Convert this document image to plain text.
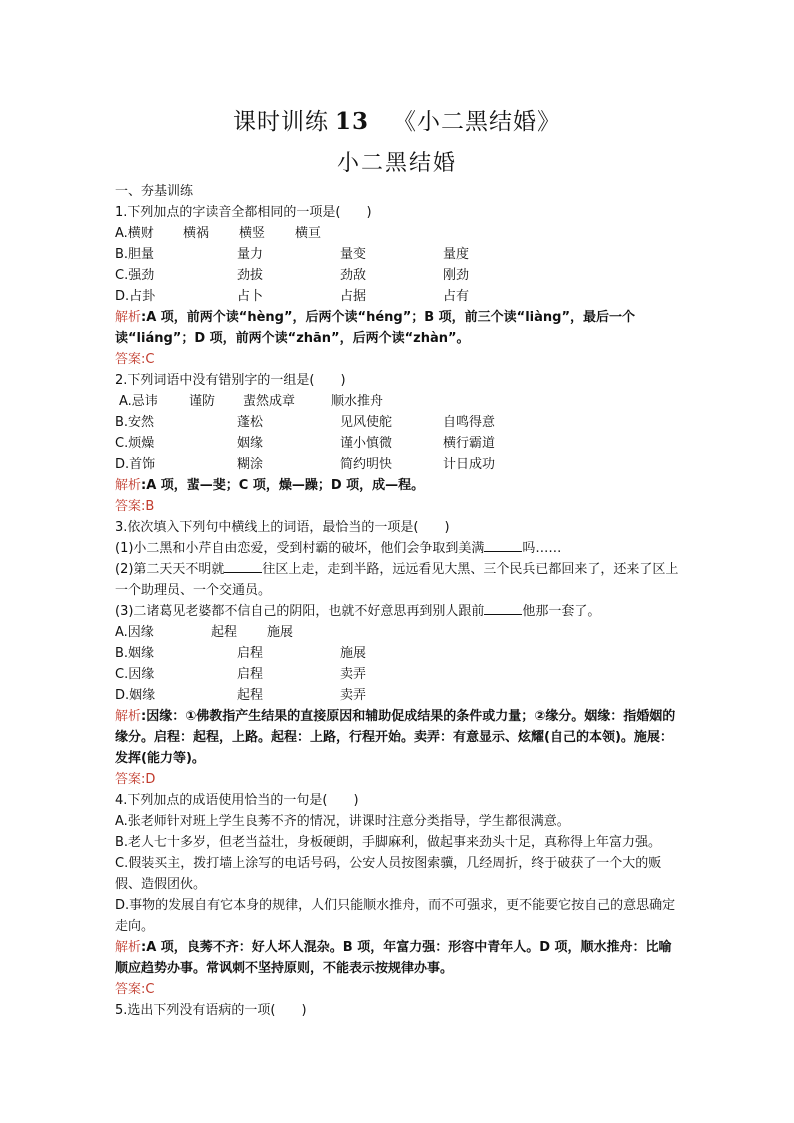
课时训练 13 《小二黑结婚》
小二黑结婚
一、夯基训练
1.下列加点的字读音全都相同的一项是(　　)
A.横财	横祸	横竖	横亘
B.胆量	量力	量变	量度
C.强劲	劲拔	劲敌	刚劲
D.占卦	占卜	占据	占有
解析:A 项，前两个读“hèng”，后两个读“héng”；B 项，前三个读“liàng”，最后一个读“liáng”；D 项，前两个读“zhān”，后两个读“zhàn”。
答案:C
2.下列词语中没有错别字的一组是(　　)
A.忌讳	谨防	蜚然成章	顺水推舟
B.安然	蓬松	见风使舵	自鸣得意
C.烦燥	姻缘	谨小慎微	横行霸道
D.首饰	糊涂	简约明快	计日成功
解析:A 项，蜚—斐；C 项，燥—躁；D 项，成—程。
答案:B
3.依次填入下列句中横线上的词语，最恰当的一项是(　　)
(1)小二黑和小芹自由恋爱，受到村霸的破坏，他们会争取到美满	吗……
(2)第二天天不明就	往区上走，走到半路，远远看见大黑、三个民兵已都回来了，还来了区上一个助理员、一个交通员。
(3)二诸葛见老婆都不信自己的阴阳，也就不好意思再到别人跟前	他那一套了。
A.因缘	起程	施展
B.姻缘	启程	施展
C.因缘	启程	卖弄
D.姻缘	起程	卖弄
解析:因缘：①佛教指产生结果的直接原因和辅助促成结果的条件或力量；②缘分。姻缘：指婚姻的缘分。启程：起程，上路。起程：上路，行程开始。卖弄：有意显示、炫耀(自己的本领)。施展：发挥(能力等)。
答案:D
4.下列加点的成语使用恰当的一句是(　　)
A.张老师针对班上学生良莠不齐的情况，讲课时注意分类指导，学生都很满意。
B.老人七十多岁，但老当益壮，身板硬朗，手脚麻利，做起事来劲头十足，真称得上年富力强。
C.假装买主，拨打墙上涂写的电话号码，公安人员按图索骥，几经周折，终于破获了一个大的贩假、造假团伙。
D.事物的发展自有它本身的规律，人们只能顺水推舟，而不可强求，更不能要它按自己的意思确定走向。
解析:A 项，良莠不齐：好人坏人混杂。B 项，年富力强：形容中青年人。D 项，顺水推舟：比喻顺应趋势办事。常讽刺不坚持原则，不能表示按规律办事。
答案:C
5.选出下列没有语病的一项(　　)
